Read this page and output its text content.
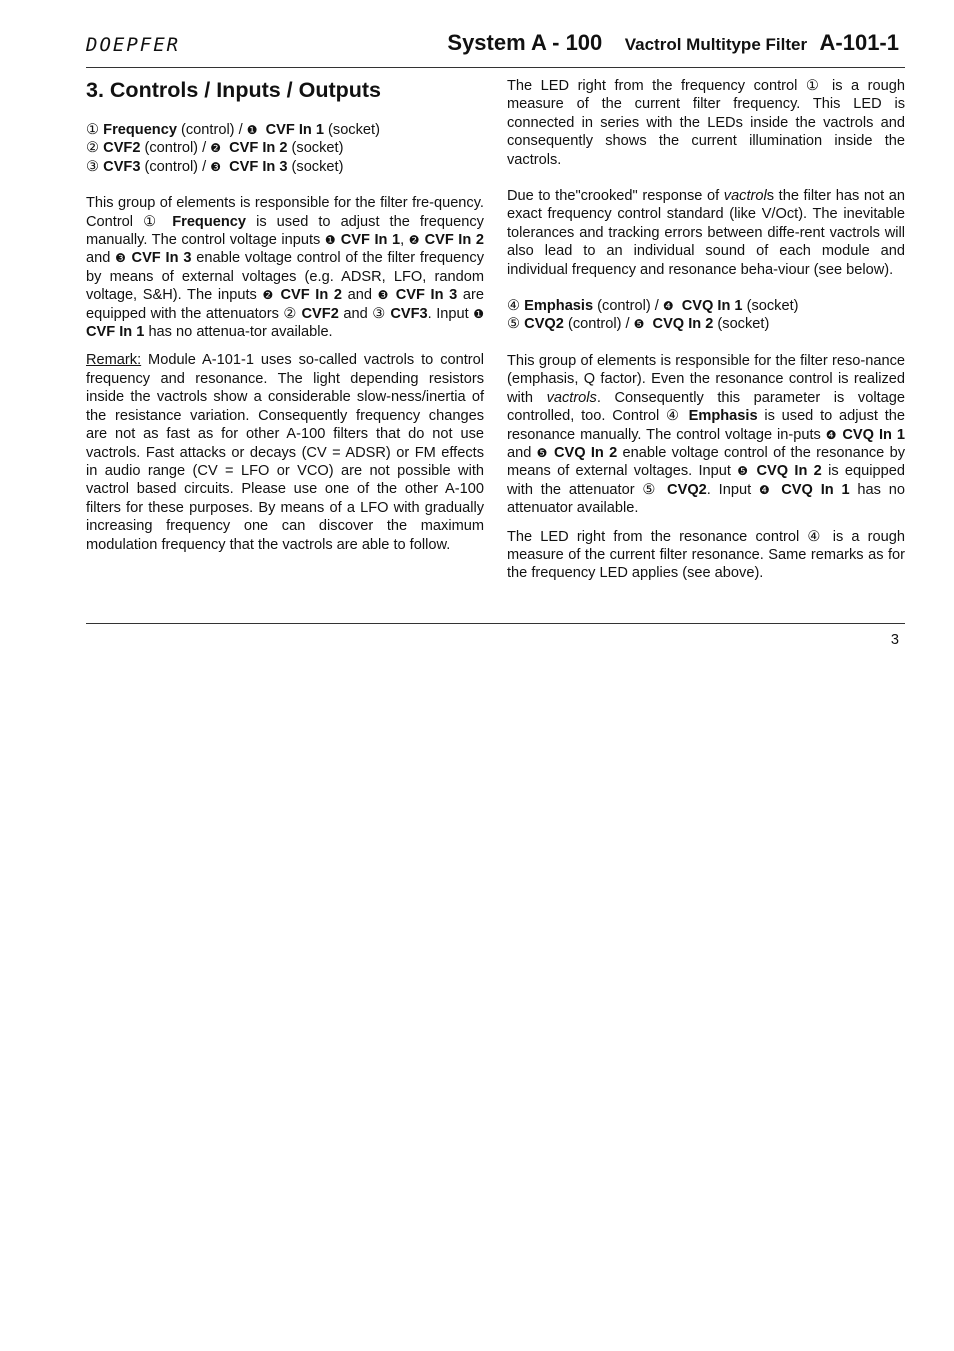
DOEPFER	System A - 100 Vactrol Multitype Filter A-101-1
3. Controls / Inputs / Outputs
① Frequency (control) / ❶ CVF In 1 (socket)
② CVF2 (control) / ❷ CVF In 2 (socket)
③ CVF3 (control) / ❸ CVF In 3 (socket)

This group of elements is responsible for the filter fre-quency. Control ① Frequency is used to adjust the frequency manually. The control voltage inputs ❶ CVF In 1, ❷ CVF In 2 and ❸ CVF In 3 enable voltage control of the filter frequency by means of external voltages (e.g. ADSR, LFO, random voltage, S&H). The inputs ❷ CVF In 2 and ❸ CVF In 3 are equipped with the attenuators ② CVF2 and ③ CVF3. Input ❶ CVF In 1 has no attenua-tor available.

Remark: Module A-101-1 uses so-called vactrols to control frequency and resonance. The light depending resistors inside the vactrols show a considerable slow-ness/inertia of the resistance variation. Consequently frequency changes are not as fast as for other A-100 filters that do not use vactrols. Fast attacks or decays (CV = ADSR) or FM effects in audio range (CV = LFO or VCO) are not possible with vactrol based circuits. Please use one of the other A-100 filters for these purposes. By means of a LFO with gradually increasing frequency one can discover the maximum modulation frequency that the vactrols are able to follow.

The LED right from the frequency control ① is a rough measure of the current filter frequency. This LED is connected in series with the LEDs inside the vactrols and consequently shows the current illumination inside the vactrols.

Due to the"crooked" response of vactrols the filter has not an exact frequency control standard (like V/Oct). The inevitable tolerances and tracking errors between diffe-rent vactrols will also lead to an individual sound of each module and individual frequency and resonance beha-viour (see below).

④ Emphasis (control) / ❹ CVQ In 1 (socket)
⑤ CVQ2 (control) / ❺ CVQ In 2 (socket)

This group of elements is responsible for the filter reso-nance (emphasis, Q factor). Even the resonance control is realized with vactrols. Consequently this parameter is voltage controlled, too. Control ④ Emphasis is used to adjust the resonance manually. The control voltage in-puts ❹ CVQ In 1 and ❺ CVQ In 2 enable voltage control of the resonance by means of external voltages. Input ❺ CVQ In 2 is equipped with the attenuator ⑤ CVQ2. Input ❹ CVQ In 1 has no attenuator available.

The LED right from the resonance control ④ is a rough measure of the current filter resonance. Same remarks as for the frequency LED applies (see above).

3
